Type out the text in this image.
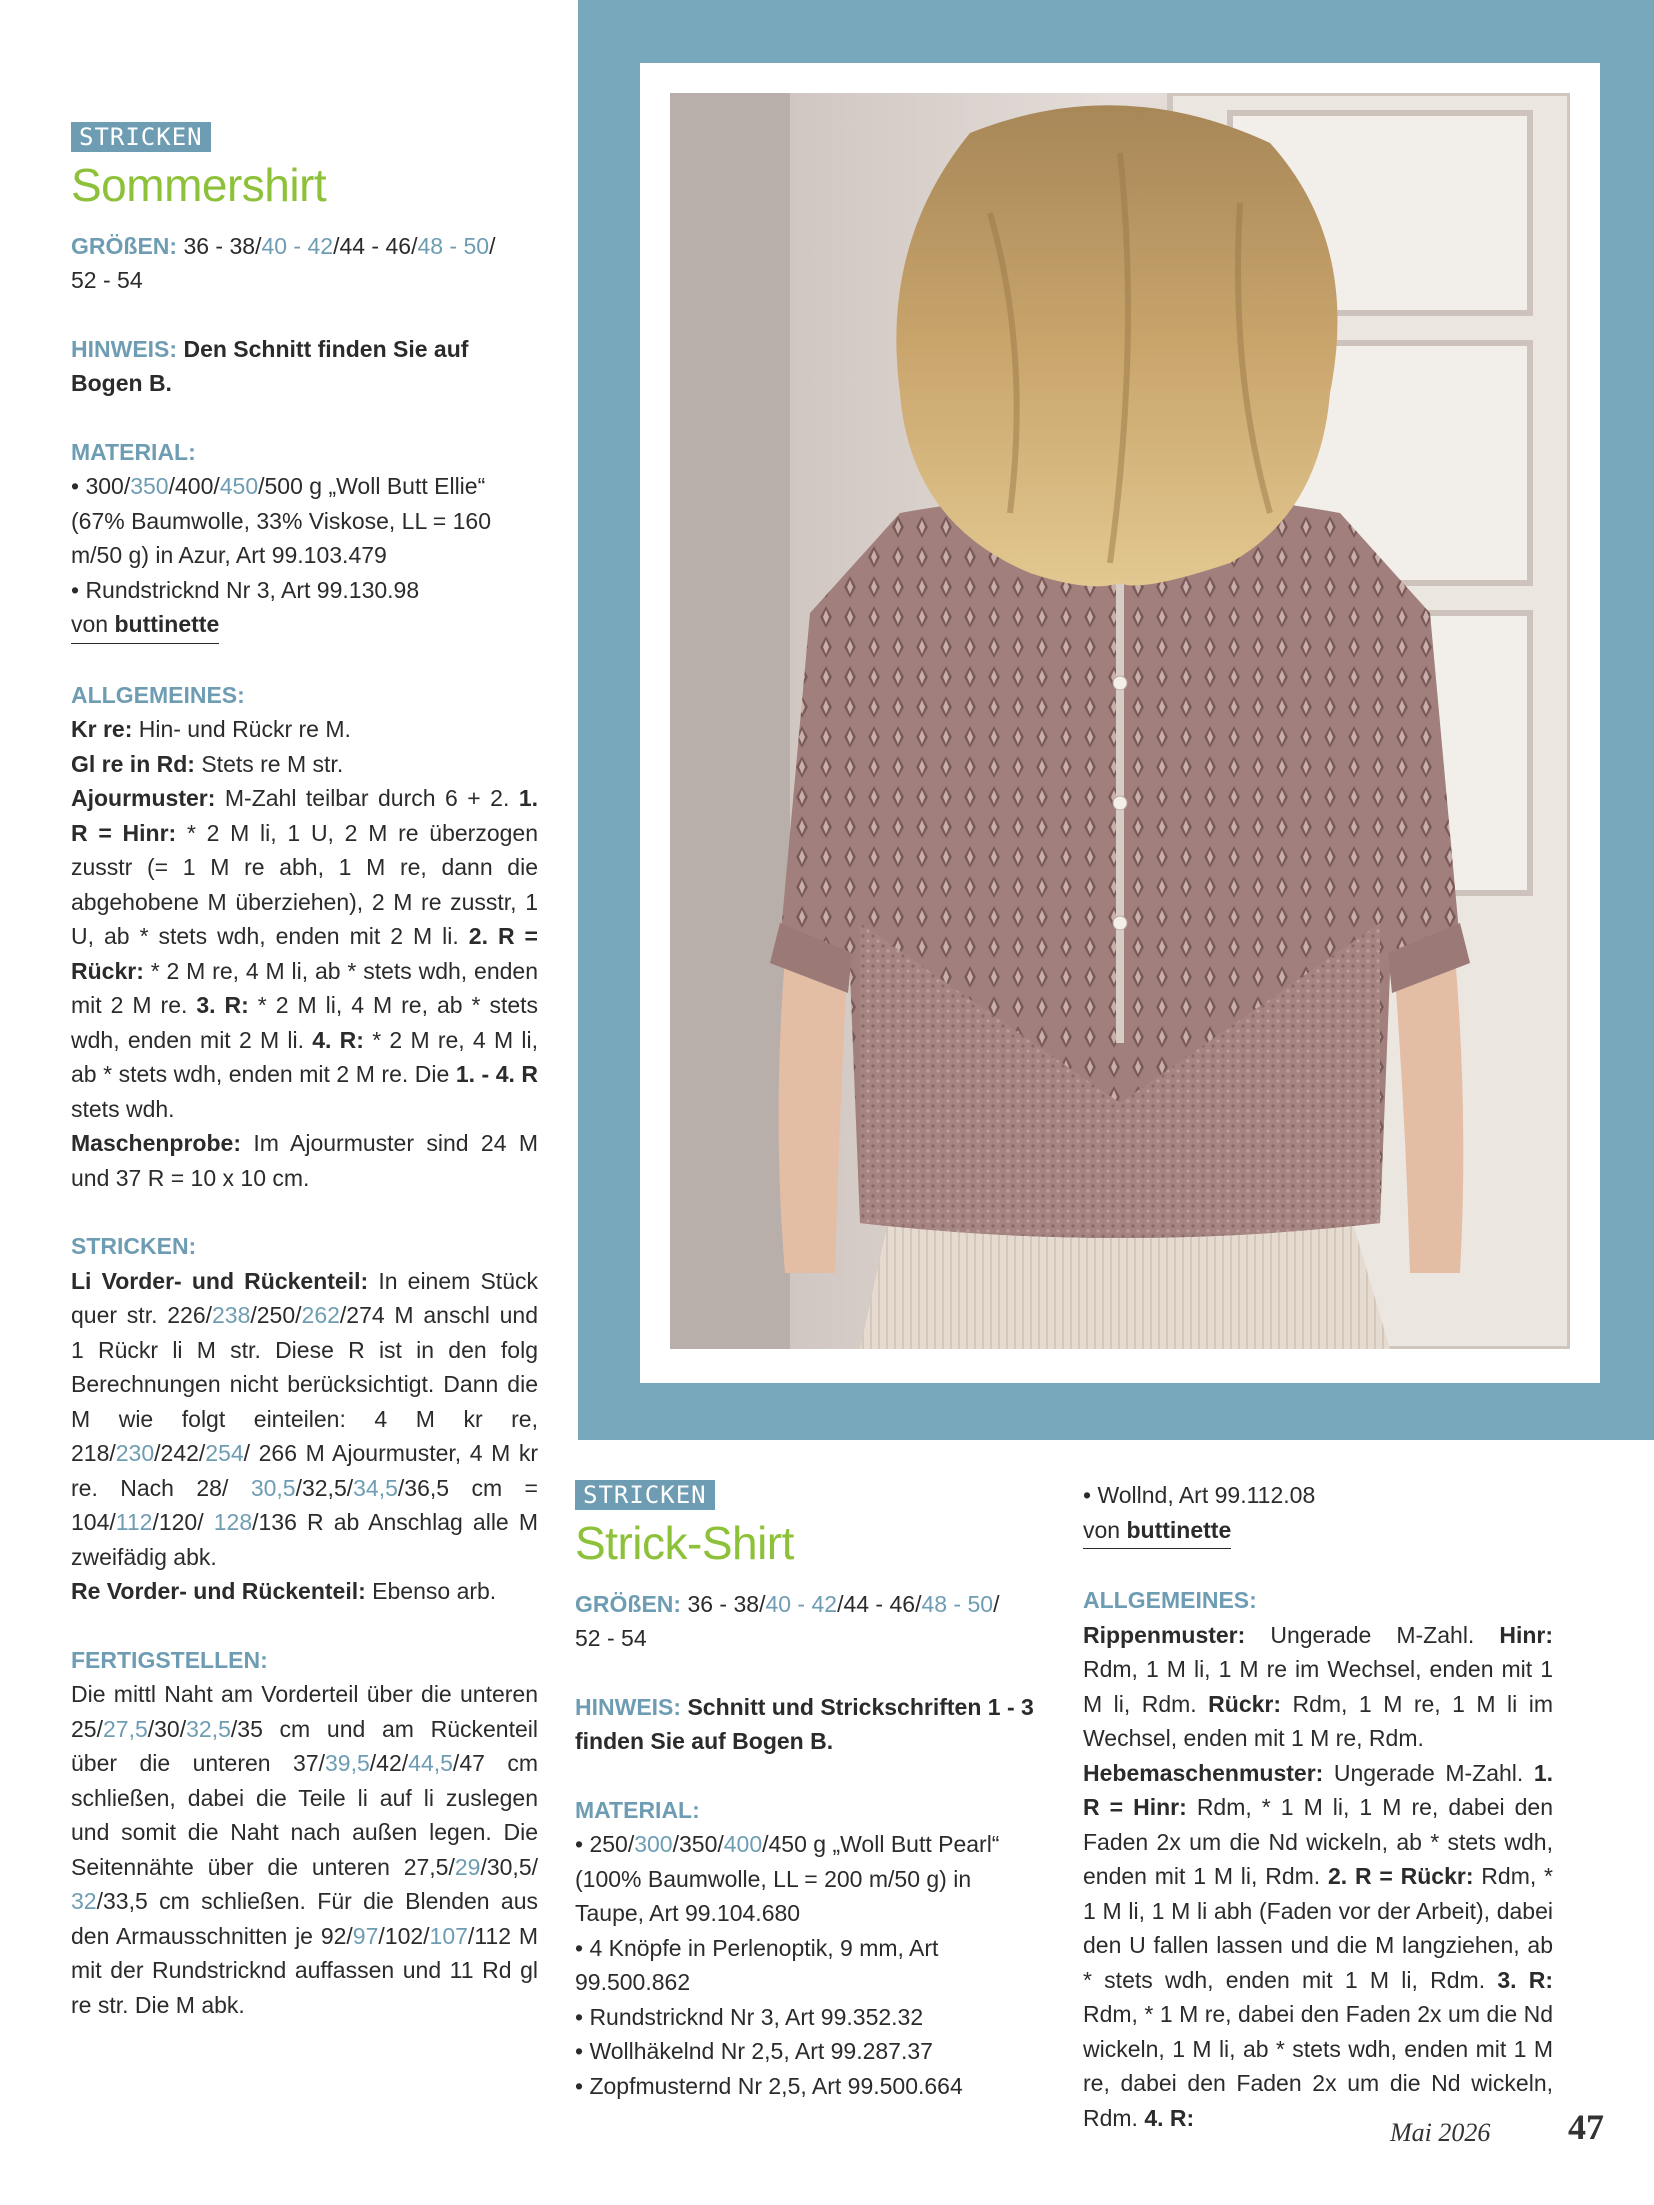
STRICKEN
Sommershirt

GRÖßEN: 36 - 38/40 - 42/44 - 46/48 - 50/
52 - 54

HINWEIS: Den Schnitt finden Sie auf Bogen B.

MATERIAL:

• 300/350/400/450/500 g „Woll Butt Ellie“ (67% Baumwolle, 33% Viskose, LL = 160 m/50 g) in Azur, Art 99.103.479

• Rundstricknd Nr 3, Art 99.130.98

von buttinette

ALLGEMEINES:

Kr re: Hin- und Rückr re M.

Gl re in Rd: Stets re M str.

Ajourmuster: M-Zahl teilbar durch 6 + 2. 1. R = Hinr: * 2 M li, 1 U, 2 M re überzogen zusstr (= 1 M re abh, 1 M re, dann die abgehobene M überziehen), 2 M re zusstr, 1 U, ab * stets wdh, enden mit 2 M li. 2. R = Rückr: * 2 M re, 4 M li, ab * stets wdh, enden mit 2 M re. 3. R: * 2 M li, 4 M re, ab * stets wdh, enden mit 2 M li. 4. R: * 2 M re, 4 M li, ab * stets wdh, enden mit 2 M re. Die 1. - 4. R stets wdh.

Maschenprobe: Im Ajourmuster sind 24 M und 37 R = 10 x 10 cm.

STRICKEN:

Li Vorder- und Rückenteil: In einem Stück quer str. 226/238/250/262/274 M anschl und 1 Rückr li M str. Diese R ist in den folg Berechnungen nicht berücksichtigt. Dann die M wie folgt einteilen: 4 M kr re, 218/230/242/254/ 266 M Ajourmuster, 4 M kr re. Nach 28/ 30,5/32,5/34,5/36,5 cm = 104/112/120/ 128/136 R ab Anschlag alle M zweifädig abk.

Re Vorder- und Rückenteil: Ebenso arb.

FERTIGSTELLEN:

Die mittl Naht am Vorderteil über die unteren 25/27,5/30/32,5/35 cm und am Rückenteil über die unteren 37/39,5/42/44,5/47 cm schließen, dabei die Teile li auf li zuslegen und somit die Naht nach außen legen. Die Seitennähte über die unteren 27,5/29/30,5/ 32/33,5 cm schließen. Für die Blenden aus den Armausschnitten je 92/97/102/107/112 M mit der Rundstricknd auffassen und 11 Rd gl re str. Die M abk.

STRICKEN
Strick-Shirt

GRÖßEN: 36 - 38/40 - 42/44 - 46/48 - 50/
52 - 54

HINWEIS: Schnitt und Strickschriften 1 - 3 finden Sie auf Bogen B.

MATERIAL:

• 250/300/350/400/450 g „Woll Butt Pearl“ (100% Baumwolle, LL = 200 m/50 g) in Taupe, Art 99.104.680

• 4 Knöpfe in Perlenoptik, 9 mm, Art 99.500.862

• Rundstricknd Nr 3, Art 99.352.32

• Wollhäkelnd Nr 2,5, Art 99.287.37

• Zopfmusternd Nr 2,5, Art 99.500.664

• Wollnd, Art 99.112.08

von buttinette

ALLGEMEINES:

Rippenmuster: Ungerade M-Zahl. Hinr: Rdm, 1 M li, 1 M re im Wechsel, enden mit 1 M li, Rdm. Rückr: Rdm, 1 M re, 1 M li im Wechsel, enden mit 1 M re, Rdm.

Hebemaschenmuster: Ungerade M-Zahl. 1. R = Hinr: Rdm, * 1 M li, 1 M re, dabei den Faden 2x um die Nd wickeln, ab * stets wdh, enden mit 1 M li, Rdm. 2. R = Rückr: Rdm, * 1 M li, 1 M li abh (Faden vor der Arbeit), dabei den U fallen lassen und die M langziehen, ab * stets wdh, enden mit 1 M li, Rdm. 3. R: Rdm, * 1 M re, dabei den Faden 2x um die Nd wickeln, 1 M li, ab * stets wdh, enden mit 1 M re, dabei den Faden 2x um die Nd wickeln, Rdm. 4. R:

Mai 2026 47
